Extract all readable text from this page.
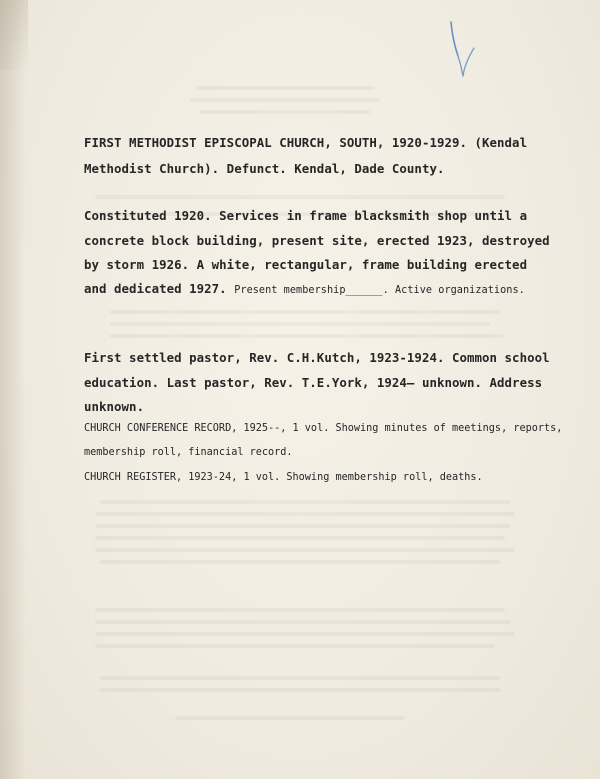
FIRST METHODIST EPISCOPAL CHURCH, SOUTH, 1920-1929. (Kendal

Methodist Church). Defunct. Kendal, Dade County.

Constituted 1920. Services in frame blacksmith shop until a

concrete block building, present site, erected 1923, destroyed

by storm 1926. A white, rectangular, frame building erected

and dedicated 1927. Present membership______. Active organizations.

First settled pastor, Rev. C.H.Kutch, 1923-1924. Common school

education. Last pastor, Rev. T.E.York, 1924— unknown. Address

unknown.

CHURCH CONFERENCE RECORD, 1925--, 1 vol. Showing minutes of meetings, reports,

membership roll, financial record.

CHURCH REGISTER, 1923-24, 1 vol. Showing membership roll, deaths.
